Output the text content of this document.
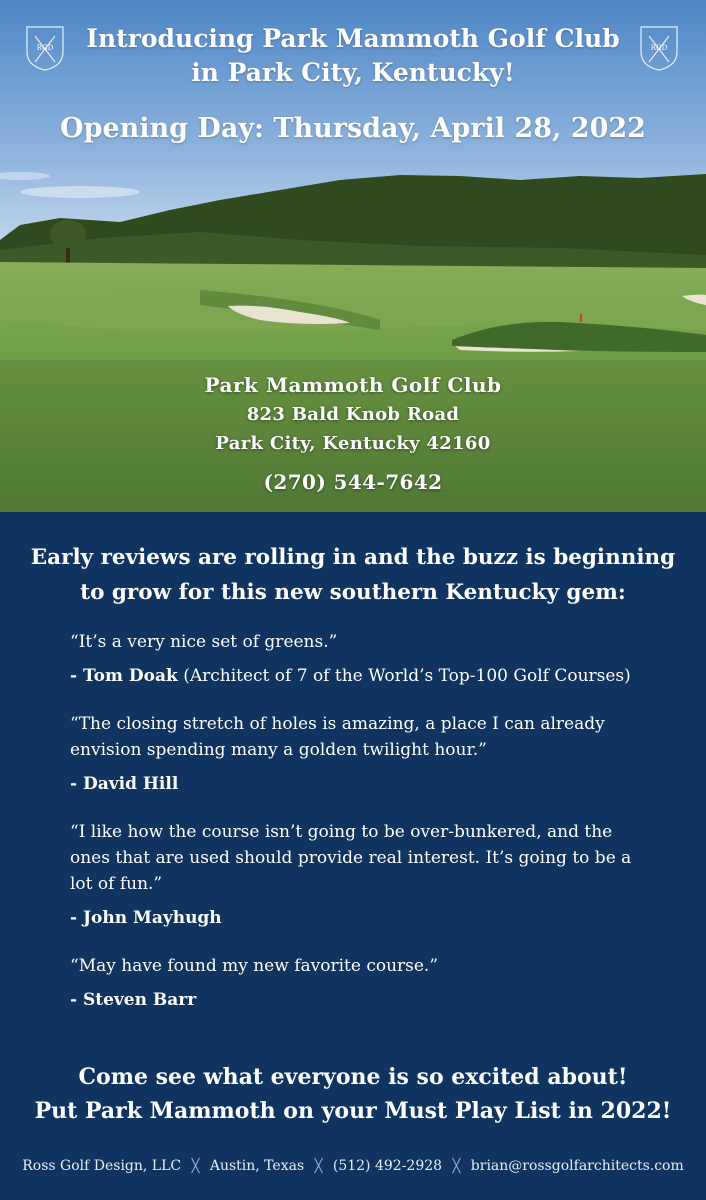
RGD	RGD
Introducing Park Mammoth Golf Club
in Park City, Kentucky!
Opening Day: Thursday, April 28, 2022
Park Mammoth Golf Club
823 Bald Knob Road
Park City, Kentucky 42160
(270) 544-7642
Early reviews are rolling in and the buzz is beginning
to grow for this new southern Kentucky gem:

“It’s a very nice set of greens.”

- Tom Doak (Architect of 7 of the World’s Top-100 Golf Courses)

“The closing stretch of holes is amazing, a place I can already envision spending many a golden twilight hour.”

- David Hill

“I like how the course isn’t going to be over-bunkered, and the ones that are used should provide real interest. It’s going to be a lot of fun.”

- John Mayhugh

“May have found my new favorite course.”

- Steven Barr

Come see what everyone is so excited about!
Put Park Mammoth on your Must Play List in 2022!
Ross Golf Design, LLC ╳ Austin, Texas ╳ (512) 492-2928 ╳ brian@rossgolfarchitects.com
